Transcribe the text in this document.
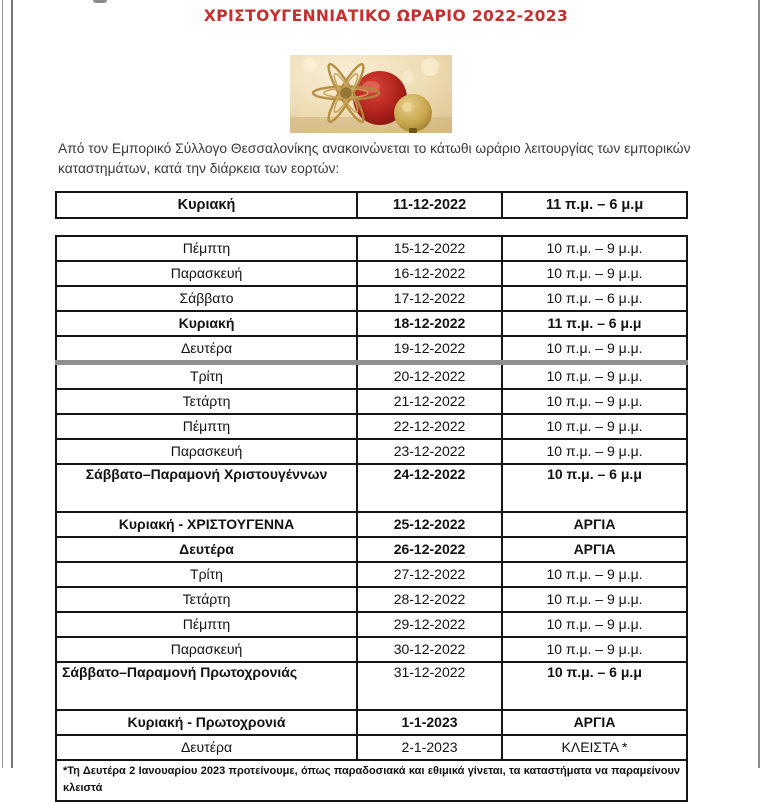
ΧΡΙΣΤΟΥΓΕΝΝΙΑΤΙΚΟ ΩΡΑΡΙΟ 2022-2023
Από τον Εμπορικό Σύλλογο Θεσσαλονίκης ανακοινώνεται το κάτωθι ωράριο λειτουργίας των εμπορικών καταστημάτων, κατά την διάρκεια των εορτών:
Κυριακή	11-12-2022	11 π.μ. – 6 μ.μ
Πέμπτη	15-12-2022	10 π.μ. – 9 μ.μ.
Παρασκευή	16-12-2022	10 π.μ. – 9 μ.μ.
Σάββατο	17-12-2022	10 π.μ. – 6 μ.μ.
Κυριακή	18-12-2022	11 π.μ. – 6 μ.μ
Δευτέρα	19-12-2022	10 π.μ. – 9 μ.μ.
Τρίτη	20-12-2022	10 π.μ. – 9 μ.μ.
Τετάρτη	21-12-2022	10 π.μ. – 9 μ.μ.
Πέμπτη	22-12-2022	10 π.μ. – 9 μ.μ.
Παρασκευή	23-12-2022	10 π.μ. – 9 μ.μ.
Σάββατο–Παραμονή Χριστουγέννων	24-12-2022	10 π.μ. – 6 μ.μ
Κυριακή - ΧΡΙΣΤΟΥΓΕΝΝΑ	25-12-2022	ΑΡΓΙΑ
Δευτέρα	26-12-2022	ΑΡΓΙΑ
Τρίτη	27-12-2022	10 π.μ. – 9 μ.μ.
Τετάρτη	28-12-2022	10 π.μ. – 9 μ.μ.
Πέμπτη	29-12-2022	10 π.μ. – 9 μ.μ.
Παρασκευή	30-12-2022	10 π.μ. – 9 μ.μ.
Σάββατο–Παραμονή Πρωτοχρονιάς	31-12-2022	10 π.μ. – 6 μ.μ
Κυριακή - Πρωτοχρονιά	1-1-2023	ΑΡΓΙΑ
Δευτέρα	2-1-2023	ΚΛΕΙΣΤΑ *
*Τη Δευτέρα 2 Ιανουαρίου 2023 προτείνουμε, όπως παραδοσιακά και εθιμικά γίνεται, τα καταστήματα να παραμείνουν κλειστά		
